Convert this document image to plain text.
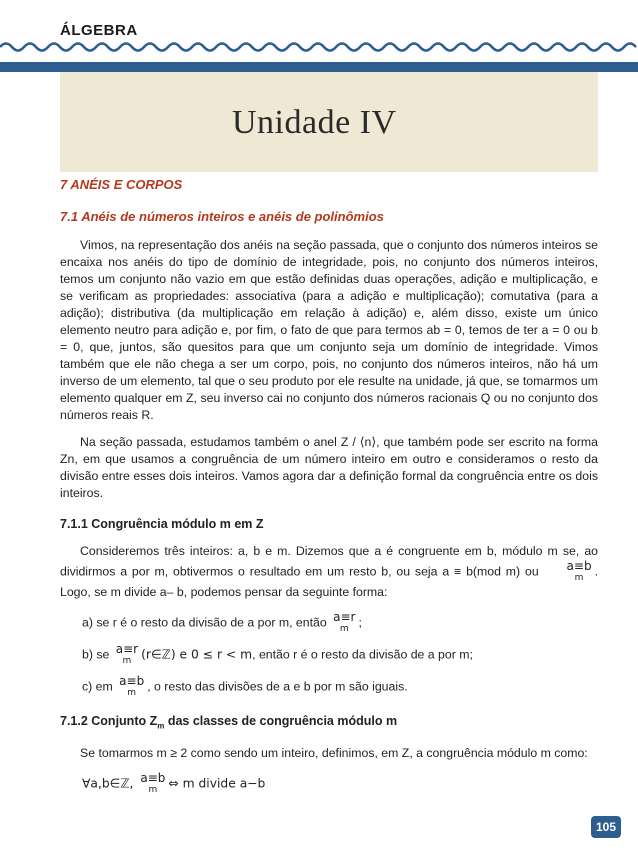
ÁLGEBRA
Unidade IV
7 ANÉIS E CORPOS
7.1 Anéis de números inteiros e anéis de polinômios

Vimos, na representação dos anéis na seção passada, que o conjunto dos números inteiros se encaixa nos anéis do tipo de domínio de integridade, pois, no conjunto dos números inteiros, temos um conjunto não vazio em que estão definidas duas operações, adição e multiplicação, e se verificam as propriedades: associativa (para a adição e multiplicação); comutativa (para a adição); distributiva (da multiplicação em relação à adição) e, além disso, existe um único elemento neutro para adição e, por fim, o fato de que para termos ab = 0, temos de ter a = 0 ou b = 0, que, juntos, são quesitos para que um conjunto seja um domínio de integridade. Vimos também que ele não chega a ser um corpo, pois, no conjunto dos números inteiros, não há um inverso de um elemento, tal que o seu produto por ele resulte na unidade, já que, se tomarmos um elemento qualquer em Z, seu inverso cai no conjunto dos números racionais Q ou no conjunto dos números reais R.

Na seção passada, estudamos também o anel Z / ⟨n⟩, que também pode ser escrito na forma Zn, em que usamos a congruência de um número inteiro em outro e consideramos o resto da divisão entre esses dois inteiros. Vamos agora dar a definição formal da congruência entre os dois inteiros.

7.1.1 Congruência módulo m em Z

Consideremos três inteiros: a, b e m. Dizemos que a é congruente em b, módulo m se, ao dividirmos a por m, obtivermos o resultado em um resto b, ou seja a ≡ b(mod m) ou	a≡b
m . Logo, se m divide a– b, podemos pensar da seguinte forma:

a) se r é o resto da divisão de a por m, então a≡r
m ;

b) se a≡r
m (r∈ℤ) e 0 ≤ r < m, então r é o resto da divisão de a por m;

c) em a≡b
m , o resto das divisões de a e b por m são iguais.

7.1.2 Conjunto $Z_m$ das classes de congruência módulo m

Se tomarmos m ≥ 2 como sendo um inteiro, definimos, em Z, a congruência módulo m como:

∀a,b∈ℤ, a≡b
m ⇔ m divide a−b

105
